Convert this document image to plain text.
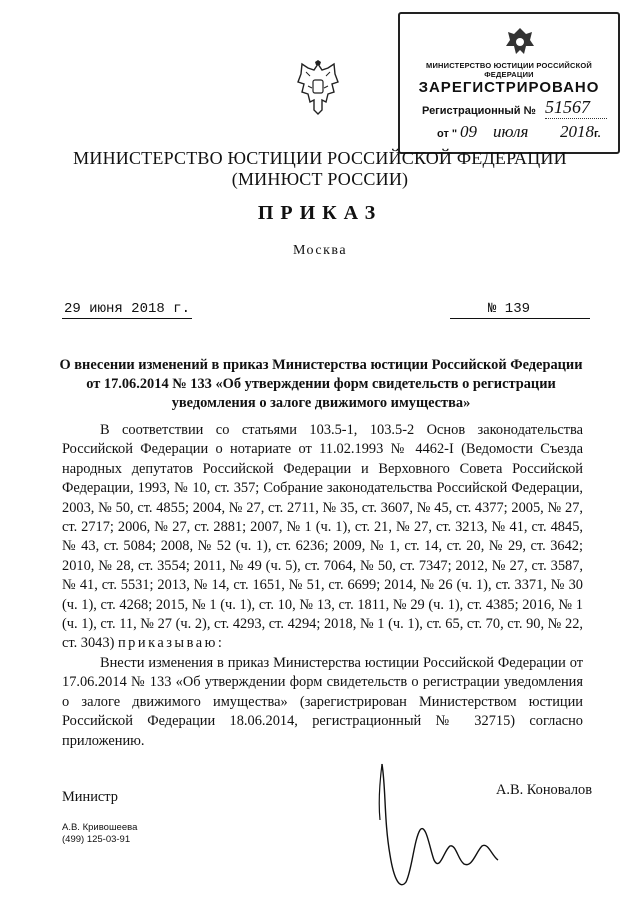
МИНИСТЕРСТВО ЮСТИЦИИ РОССИЙСКОЙ ФЕДЕРАЦИИ
ЗАРЕГИСТРИРОВАНО
Регистрационный № 51567
от " 09 июля 2018 г.
МИНИСТЕРСТВО ЮСТИЦИИ РОССИЙСКОЙ ФЕДЕРАЦИИ
(МИНЮСТ РОССИИ)
ПРИКАЗ
Москва
29 июня 2018 г.	№ 139
О внесении изменений в приказ Министерства юстиции Российской Федерации от 17.06.2014 № 133 «Об утверждении форм свидетельств о регистрации уведомления о залоге движимого имущества»
В соответствии со статьями 103.5-1, 103.5-2 Основ законодательства Российской Федерации о нотариате от 11.02.1993 № 4462-I (Ведомости Съезда народных депутатов Российской Федерации и Верховного Совета Российской Федерации, 1993, № 10, ст. 357; Собрание законодательства Российской Федерации, 2003, № 50, ст. 4855; 2004, № 27, ст. 2711, № 35, ст. 3607, № 45, ст. 4377; 2005, № 27, ст. 2717; 2006, № 27, ст. 2881; 2007, № 1 (ч. 1), ст. 21, № 27, ст. 3213, № 41, ст. 4845, № 43, ст. 5084; 2008, № 52 (ч. 1), ст. 6236; 2009, № 1, ст. 14, ст. 20, № 29, ст. 3642; 2010, № 28, ст. 3554; 2011, № 49 (ч. 5), ст. 7064, № 50, ст. 7347; 2012, № 27, ст. 3587, № 41, ст. 5531; 2013, № 14, ст. 1651, № 51, ст. 6699; 2014, № 26 (ч. 1), ст. 3371, № 30 (ч. 1), ст. 4268; 2015, № 1 (ч. 1), ст. 10, № 13, ст. 1811, № 29 (ч. 1), ст. 4385; 2016, № 1 (ч. 1), ст. 11, № 27 (ч. 2), ст. 4293, ст. 4294; 2018, № 1 (ч. 1), ст. 65, ст. 70, ст. 90, № 22, ст. 3043) приказываю:
Внести изменения в приказ Министерства юстиции Российской Федерации от 17.06.2014 № 133 «Об утверждении форм свидетельств о регистрации уведомления о залоге движимого имущества» (зарегистрирован Министерством юстиции Российской Федерации 18.06.2014, регистрационный № 32715) согласно приложению.
Министр	А.В. Коновалов
А.В. Кривошеева
(499) 125-03-91
